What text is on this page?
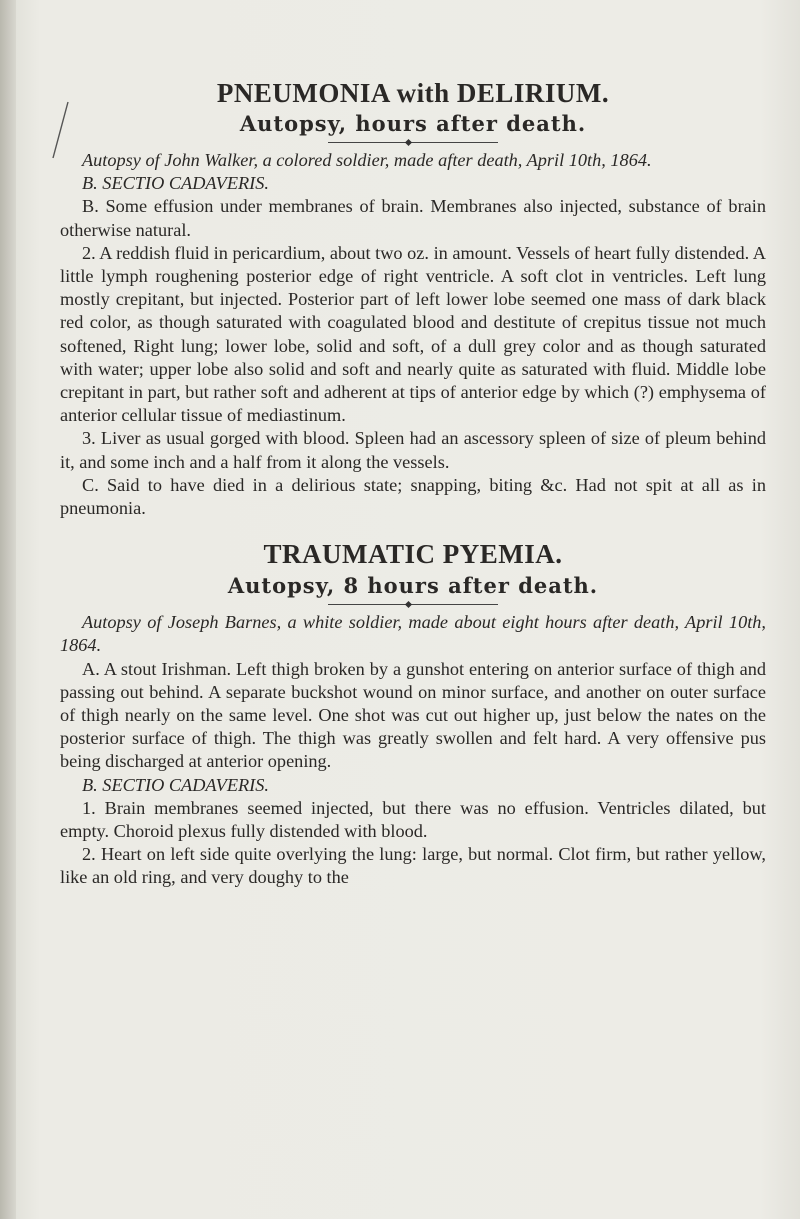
PNEUMONIA with DELIRIUM.
Autopsy, hours after death.

Autopsy of John Walker, a colored soldier, made after death, April 10th, 1864.

B. SECTIO CADAVERIS.

B. Some effusion under membranes of brain. Membranes also injected, substance of brain otherwise natural.

2. A reddish fluid in pericardium, about two oz. in amount. Vessels of heart fully distended. A little lymph roughening posterior edge of right ventricle. A soft clot in ventricles. Left lung mostly crepitant, but injected. Posterior part of left lower lobe seemed one mass of dark black red color, as though saturated with coagulated blood and destitute of crepitus tissue not much softened, Right lung; lower lobe, solid and soft, of a dull grey color and as though saturated with water; upper lobe also solid and soft and nearly quite as saturated with fluid. Middle lobe crepitant in part, but rather soft and adherent at tips of anterior edge by which (?) emphysema of anterior cellular tissue of mediastinum.

3. Liver as usual gorged with blood. Spleen had an ascessory spleen of size of pleum behind it, and some inch and a half from it along the vessels.

C. Said to have died in a delirious state; snapping, biting &c. Had not spit at all as in pneumonia.

TRAUMATIC PYEMIA.
Autopsy, 8 hours after death.

Autopsy of Joseph Barnes, a white soldier, made about eight hours after death, April 10th, 1864.

A. A stout Irishman. Left thigh broken by a gunshot entering on anterior surface of thigh and passing out behind. A separate buckshot wound on minor surface, and another on outer surface of thigh nearly on the same level. One shot was cut out higher up, just below the nates on the posterior surface of thigh. The thigh was greatly swollen and felt hard. A very offensive pus being discharged at anterior opening.

B. SECTIO CADAVERIS.

1. Brain membranes seemed injected, but there was no effusion. Ventricles dilated, but empty. Choroid plexus fully distended with blood.

2. Heart on left side quite overlying the lung: large, but normal. Clot firm, but rather yellow, like an old ring, and very doughy to the
